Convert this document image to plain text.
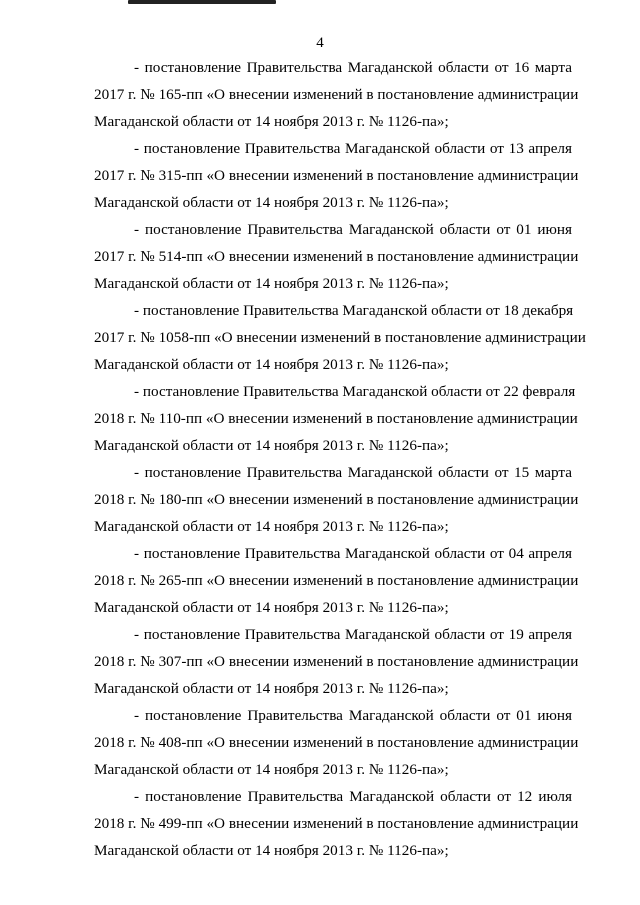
4

- постановление Правительства Магаданской области от 16 марта
2017 г. № 165-пп «О внесении изменений в постановление администрации
Магаданской области от 14 ноября 2013 г. № 1126-па»;

- постановление Правительства Магаданской области от 13 апреля
2017 г. № 315-пп «О внесении изменений в постановление администрации
Магаданской области от 14 ноября 2013 г. № 1126-па»;

- постановление Правительства Магаданской области от 01 июня
2017 г. № 514-пп «О внесении изменений в постановление администрации
Магаданской области от 14 ноября 2013 г. № 1126-па»;

- постановление Правительства Магаданской области от 18 декабря
2017 г. № 1058-пп «О внесении изменений в постановление администрации
Магаданской области от 14 ноября 2013 г. № 1126-па»;

- постановление Правительства Магаданской области от 22 февраля
2018 г. № 110-пп «О внесении изменений в постановление администрации
Магаданской области от 14 ноября 2013 г. № 1126-па»;

- постановление Правительства Магаданской области от 15 марта
2018 г. № 180-пп «О внесении изменений в постановление администрации
Магаданской области от 14 ноября 2013 г. № 1126-па»;

- постановление Правительства Магаданской области от 04 апреля
2018 г. № 265-пп «О внесении изменений в постановление администрации
Магаданской области от 14 ноября 2013 г. № 1126-па»;

- постановление Правительства Магаданской области от 19 апреля
2018 г. № 307-пп «О внесении изменений в постановление администрации
Магаданской области от 14 ноября 2013 г. № 1126-па»;

- постановление Правительства Магаданской области от 01 июня
2018 г. № 408-пп «О внесении изменений в постановление администрации
Магаданской области от 14 ноября 2013 г. № 1126-па»;

- постановление Правительства Магаданской области от 12 июля
2018 г. № 499-пп «О внесении изменений в постановление администрации
Магаданской области от 14 ноября 2013 г. № 1126-па»;
